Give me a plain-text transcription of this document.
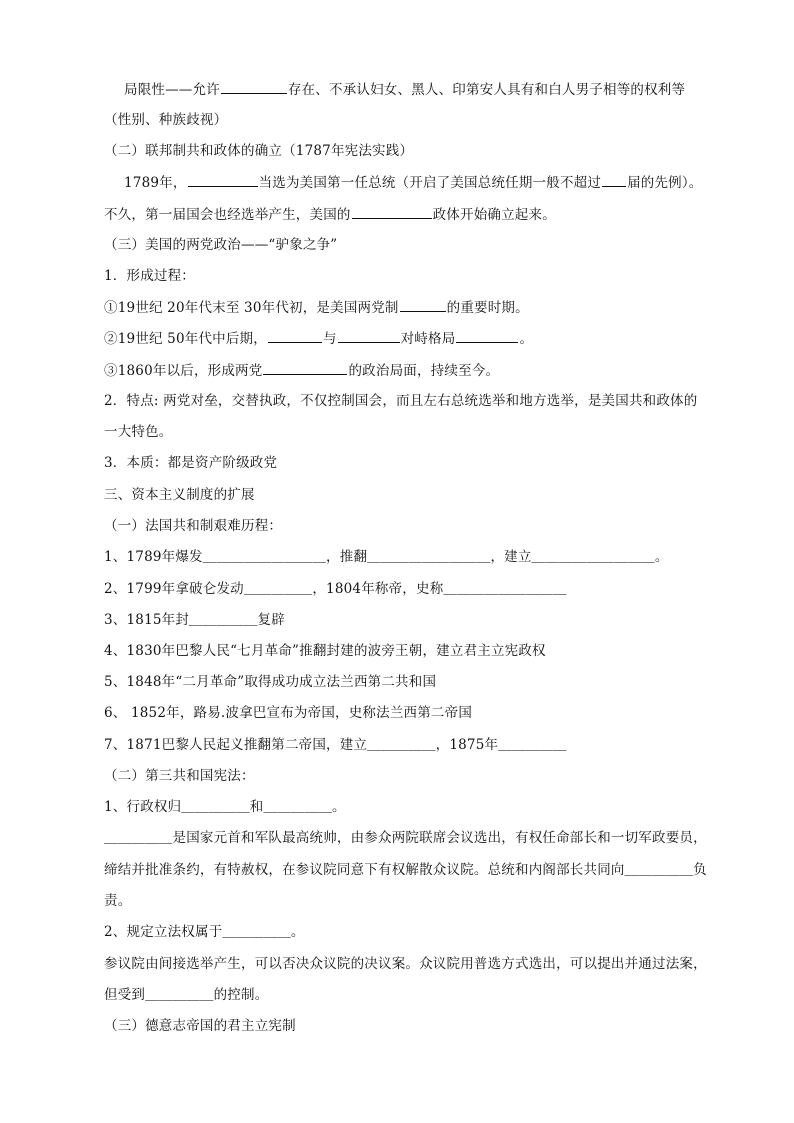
局限性——允许	存在、不承认妇女、黑人、印第安人具有和白人男子相等的权利等
（性别、种族歧视）
（二）联邦制共和政体的确立（1787年宪法实践）
1789年，	当选为美国第一任总统（开启了美国总统任期一般不超过 届的先例）。
不久，第一届国会也经选举产生，美国的	政体开始确立起来。
（三）美国的两党政治——“驴象之争”
1．形成过程：
①19世纪 20年代末至 30年代初，是美国两党制	的重要时期。
②19世纪 50年代中后期，	与	对峙格局	。
③1860年以后，形成两党	的政治局面，持续至今。
2．特点: 两党对垒，交替执政，不仅控制国会，而且左右总统选举和地方选举，是美国共和政体的
一大特色。
3．本质：都是资产阶级政党
三、资本主义制度的扩展
（一）法国共和制艰难历程：
1、1789年爆发＿＿＿＿＿＿＿＿＿，推翻＿＿＿＿＿＿＿＿＿，建立＿＿＿＿＿＿＿＿＿。
2、1799年拿破仑发动＿＿＿＿＿，1804年称帝，史称＿＿＿＿＿＿＿＿＿
3、1815年封＿＿＿＿＿复辟
4、1830年巴黎人民“七月革命”推翻封建的波旁王朝，建立君主立宪政权
5、1848年“二月革命”取得成功成立法兰西第二共和国
6、 1852年，路易.波拿巴宣布为帝国，史称法兰西第二帝国
7、1871巴黎人民起义推翻第二帝国，建立＿＿＿＿＿，1875年＿＿＿＿＿
（二）第三共和国宪法：
1、行政权归＿＿＿＿＿和＿＿＿＿＿。
＿＿＿＿＿是国家元首和军队最高统帅，由参众两院联席会议选出，有权任命部长和一切军政要员，
缔结并批准条约，有特赦权，在参议院同意下有权解散众议院。总统和内阁部长共同向＿＿＿＿＿负
责。
2、规定立法权属于＿＿＿＿＿。
参议院由间接选举产生，可以否决众议院的决议案。众议院用普选方式选出，可以提出并通过法案，
但受到＿＿＿＿＿的控制。
（三）德意志帝国的君主立宪制
